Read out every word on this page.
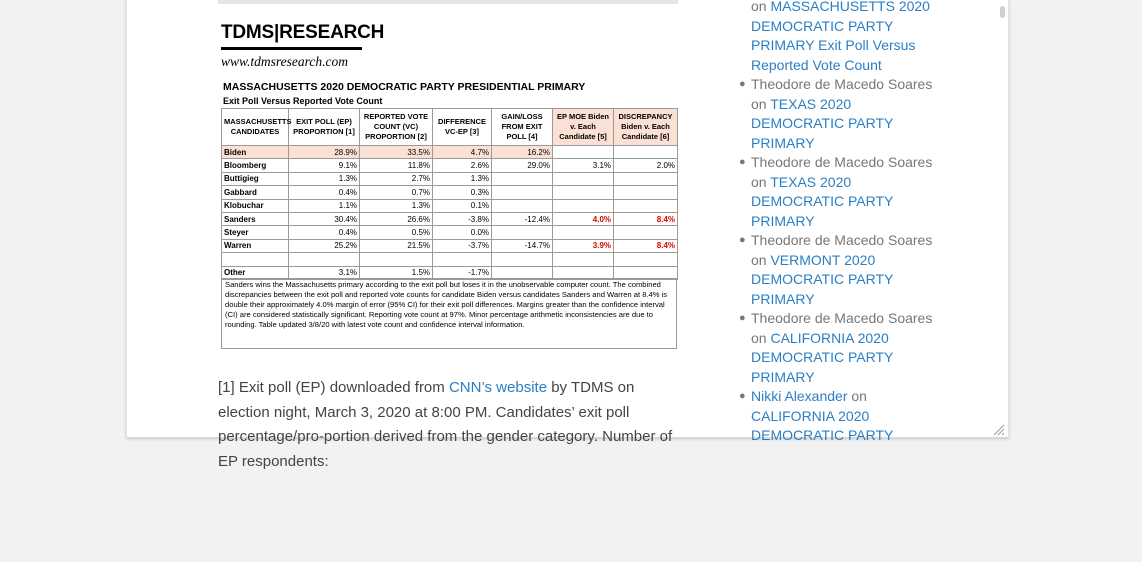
TDMS|RESEARCH
www.tdmsresearch.com
MASSACHUSETTS 2020 DEMOCRATIC PARTY PRESIDENTIAL PRIMARY
Exit Poll Versus Reported Vote Count
MASSACHUSETTS CANDIDATES	EXIT POLL (EP) PROPORTION [1]	REPORTED VOTE COUNT (VC) PROPORTION [2]	DIFFERENCE VC-EP [3]	GAIN/LOSS FROM EXIT POLL [4]	EP MOE Biden v. Each Candidate [5]	DISCREPANCY Biden v. Each Candidate [6]
Biden	28.9%	33.5%	4.7%	16.2%		
Bloomberg	9.1%	11.8%	2.6%	29.0%	3.1%	2.0%
Buttigieg	1.3%	2.7%	1.3%			
Gabbard	0.4%	0.7%	0.3%			
Klobuchar	1.1%	1.3%	0.1%			
Sanders	30.4%	26.6%	-3.8%	-12.4%	4.0%	8.4%
Steyer	0.4%	0.5%	0.0%			
Warren	25.2%	21.5%	-3.7%	-14.7%	3.9%	8.4%

Other	3.1%	1.5%	-1.7%			
Sanders wins the Massachusetts primary according to the exit poll but loses it in the unobservable computer count. The combined discrepancies between the exit poll and reported vote counts for candidate Biden versus candidates Sanders and Warren at 8.4% is double their approximately 4.0% margin of error (95% CI) for their exit poll differences. Margins greater than the confidence interval (CI) are considered statistically significant. Reporting vote count at 97%. Minor percentage arithmetic inconsistencies are due to rounding. Table updated 3/8/20 with latest vote count and confidence interval information.
[1] Exit poll (EP) downloaded from CNN’s website by TDMS on election night, March 3, 2020 at 8:00 PM. Candidates’ exit poll percentage/pro-portion derived from the gender category. Number of EP respondents:
on MASSACHUSETTS 2020 DEMOCRATIC PARTY PRIMARY Exit Poll Versus Reported Vote Count
● Theodore de Macedo Soares on TEXAS 2020 DEMOCRATIC PARTY PRIMARY
● Theodore de Macedo Soares on TEXAS 2020 DEMOCRATIC PARTY PRIMARY
● Theodore de Macedo Soares on VERMONT 2020 DEMOCRATIC PARTY PRIMARY
● Theodore de Macedo Soares on CALIFORNIA 2020 DEMOCRATIC PARTY PRIMARY
● Nikki Alexander on
CALIFORNIA 2020 DEMOCRATIC PARTY
